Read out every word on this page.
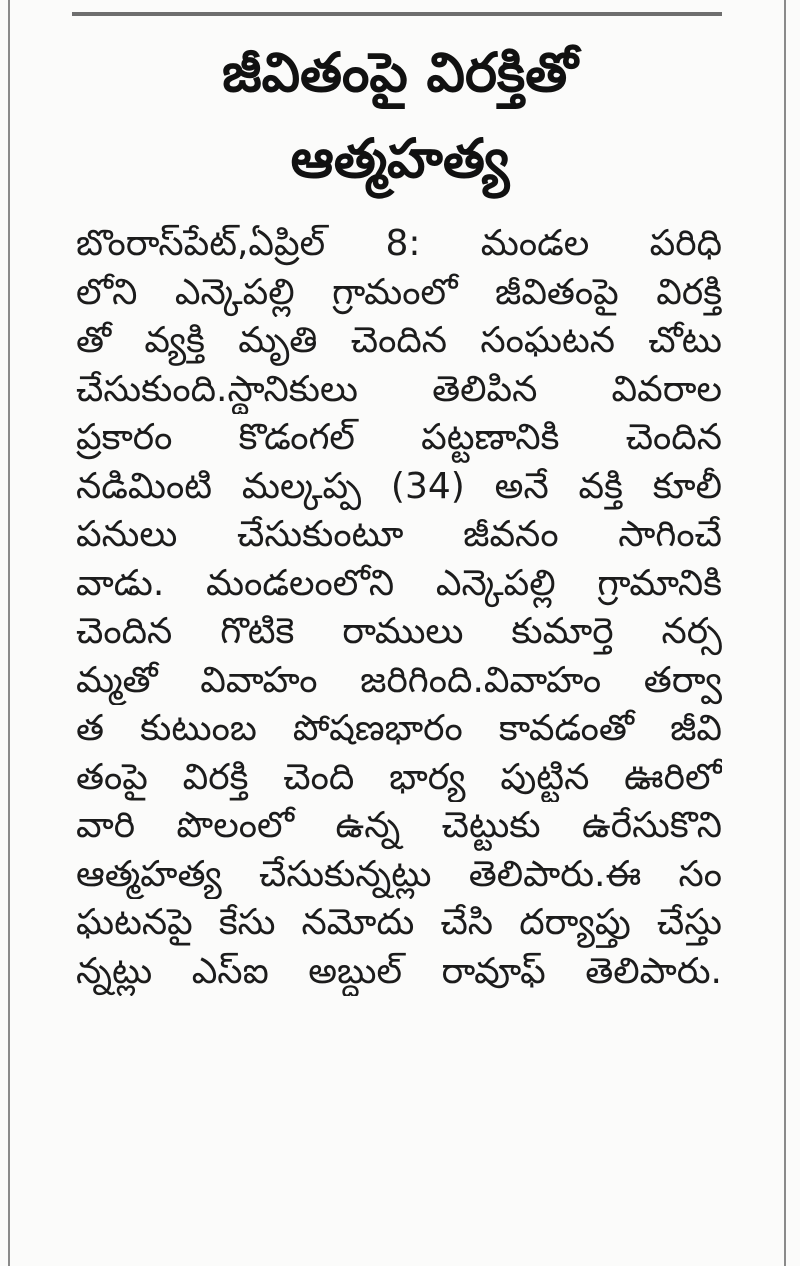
జీవితంపై విరక్తితో
ఆత్మహత్య
బొంరాస్‌పేట్,ఏప్రిల్ 8: మండల పరిధి
లోని ఎన్కెపల్లి గ్రామంలో జీవితంపై విరక్తి
తో వ్యక్తి మృతి చెందిన సంఘటన చోటు
చేసుకుంది.స్థానికులు తెలిపిన వివరాల
ప్రకారం కొడంగల్ పట్టణానికి చెందిన
నడిమింటి మల్కప్ప (34) అనే వక్తి కూలీ
పనులు చేసుకుంటూ జీవనం సాగించే
వాడు. మండలంలోని ఎన్కెపల్లి గ్రామానికి
చెందిన గొటికె రాములు కుమార్తె నర్స
మ్మతో వివాహం జరిగింది.వివాహం తర్వా
త కుటుంబ పోషణభారం కావడంతో జీవి
తంపై విరక్తి చెంది భార్య పుట్టిన ఊరిలో
వారి పొలంలో ఉన్న చెట్టుకు ఉరేసుకొని
ఆత్మహత్య చేసుకున్నట్లు తెలిపారు.ఈ సం
ఘటనపై కేసు నమోదు చేసి దర్యాప్తు చేస్తు
న్నట్లు ఎస్ఐ అబ్దుల్ రావూఫ్ తెలిపారు.
